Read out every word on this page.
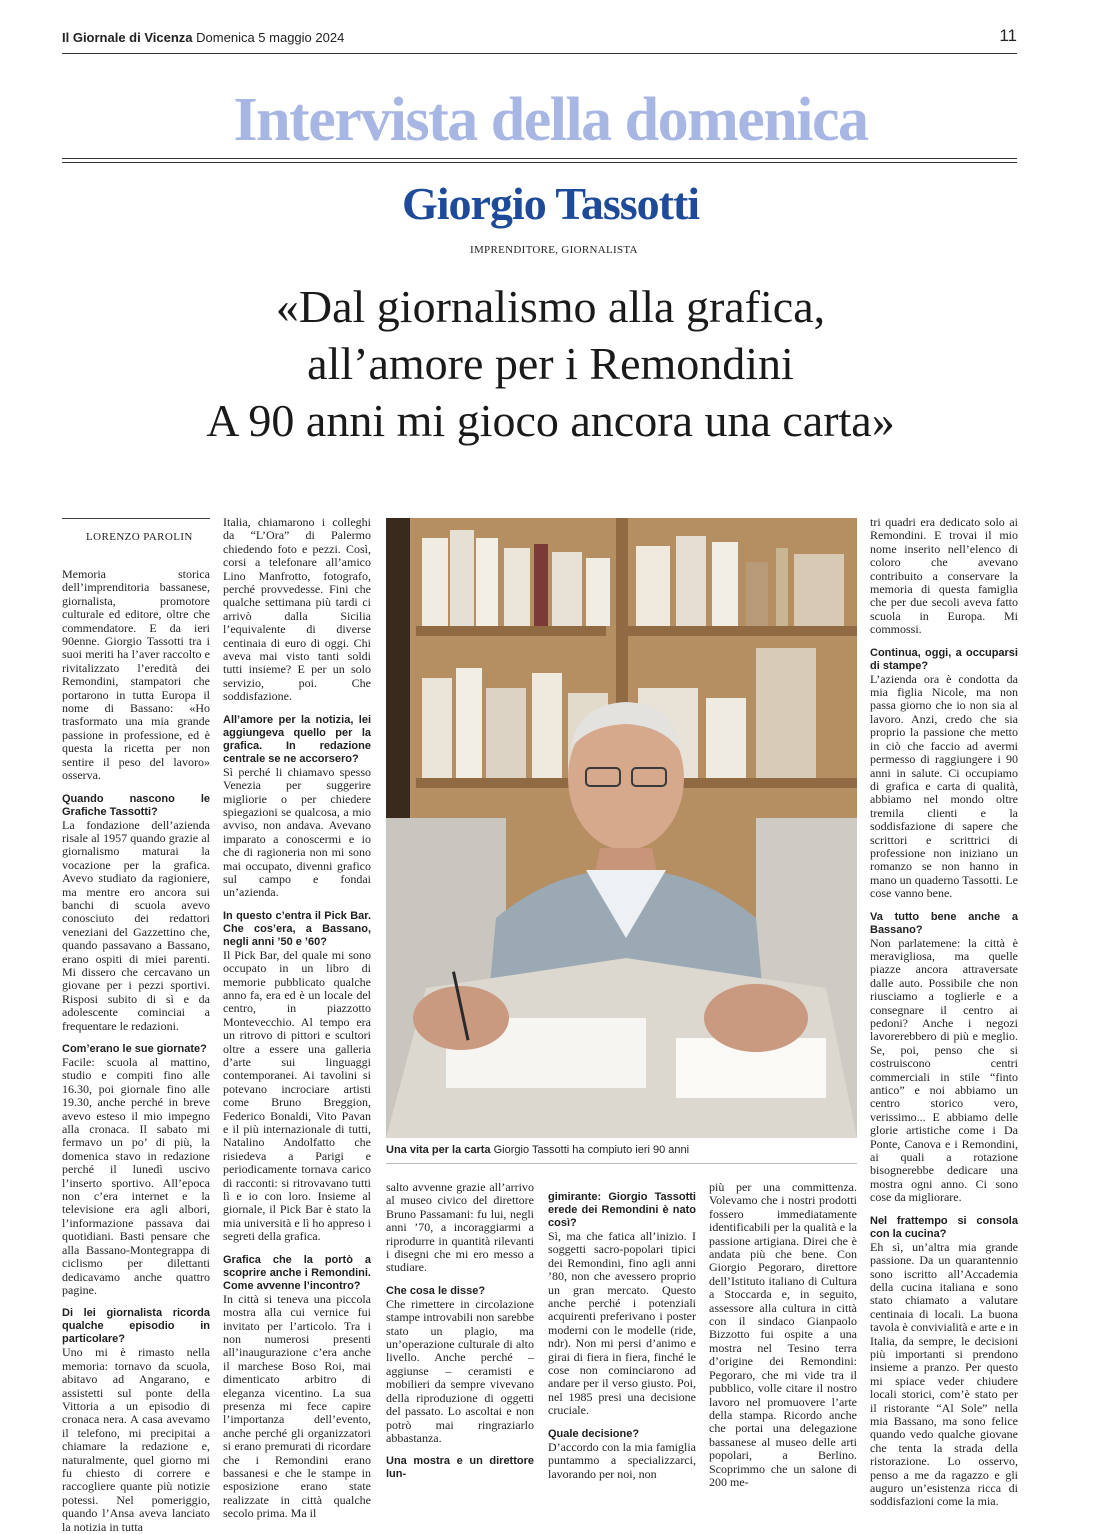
Il Giornale di Vicenza Domenica 5 maggio 2024	11
Intervista della domenica
Giorgio Tassotti
IMPRENDITORE, GIORNALISTA
«Dal giornalismo alla grafica,
all’amore per i Remondini
A 90 anni mi gioco ancora una carta»
LORENZO PAROLIN

Memoria storica dell’imprenditoria bassanese, giornalista, promotore culturale ed editore, oltre che commendatore. E da ieri 90enne. Giorgio Tassotti tra i suoi meriti ha l’aver raccolto e rivitalizzato l’eredità dei Remondini, stampatori che portarono in tutta Europa il nome di Bassano: «Ho trasformato una mia grande passione in professione, ed è questa la ricetta per non sentire il peso del lavoro» osserva.

Quando nascono le Grafiche Tassotti?

La fondazione dell’azienda risale al 1957 quando grazie al giornalismo maturai la vocazione per la grafica. Avevo studiato da ragioniere, ma mentre ero ancora sui banchi di scuola avevo conosciuto dei redattori veneziani del Gazzettino che, quando passavano a Bassano, erano ospiti di miei parenti. Mi dissero che cercavano un giovane per i pezzi sportivi. Risposi subito di sì e da adolescente cominciai a frequentare le redazioni.

Com’erano le sue giornate?

Facile: scuola al mattino, studio e compiti fino alle 16.30, poi giornale fino alle 19.30, anche perché in breve avevo esteso il mio impegno alla cronaca. Il sabato mi fermavo un po’ di più, la domenica stavo in redazione perché il lunedì uscivo l’inserto sportivo. All’epoca non c’era internet e la televisione era agli albori, l’informazione passava dai quotidiani. Basti pensare che alla Bassano-Montegrappa di ciclismo per dilettanti dedicavamo anche quattro pagine.

Di lei giornalista ricorda qualche episodio in particolare?

Uno mi è rimasto nella memoria: tornavo da scuola, abitavo ad Angarano, e assistetti sul ponte della Vittoria a un episodio di cronaca nera. A casa avevamo il telefono, mi precipitai a chiamare la redazione e, naturalmente, quel giorno mi fu chiesto di correre e raccogliere quante più notizie potessi. Nel pomeriggio, quando l’Ansa aveva lanciato la notizia in tutta

Italia, chiamarono i colleghi da “L’Ora” di Palermo chiedendo foto e pezzi. Così, corsi a telefonare all’amico Lino Manfrotto, fotografo, perché provvedesse. Fini che qualche settimana più tardi ci arrivò dalla Sicilia l’equivalente di diverse centinaia di euro di oggi. Chi aveva mai visto tanti soldi tutti insieme? E per un solo servizio, poi. Che soddisfazione.

All’amore per la notizia, lei aggiungeva quello per la grafica. In redazione centrale se ne accorsero?

Sì perché li chiamavo spesso Venezia per suggerire migliorie o per chiedere spiegazioni se qualcosa, a mio avviso, non andava. Avevano imparato a conoscermi e io che di ragioneria non mi sono mai occupato, divenni grafico sul campo e fondai un’azienda.

In questo c’entra il Pick Bar. Che cos’era, a Bassano, negli anni ’50 e ’60?

Il Pick Bar, del quale mi sono occupato in un libro di memorie pubblicato qualche anno fa, era ed è un locale del centro, in piazzotto Montevecchio. Al tempo era un ritrovo di pittori e scultori oltre a essere una galleria d’arte sui linguaggi contemporanei. Ai tavolini si potevano incrociare artisti come Bruno Breggion, Federico Bonaldi, Vito Pavan e il più internazionale di tutti, Natalino Andolfatto che risiedeva a Parigi e periodicamente tornava carico di racconti: si ritrovavano tutti lì e io con loro. Insieme al giornale, il Pick Bar è stato la mia università e lì ho appreso i segreti della grafica.

Grafica che la portò a scoprire anche i Remondini. Come avvenne l’incontro?

In città si teneva una piccola mostra alla cui vernice fui invitato per l’articolo. Tra i non numerosi presenti all’inaugurazione c’era anche il marchese Boso Roi, mai dimenticato arbitro di eleganza vicentino. La sua presenza mi fece capire l’importanza dell’evento, anche perché gli organizzatori si erano premurati di ricordare che i Remondini erano bassanesi e che le stampe in esposizione erano state realizzate in città qualche secolo prima. Ma il

Una vita per la carta Giorgio Tassotti ha compiuto ieri 90 anni

salto avvenne grazie all’arrivo al museo civico del direttore Bruno Passamani: fu lui, negli anni ’70, a incoraggiarmi a riprodurre in quantità rilevanti i disegni che mi ero messo a studiare.

Che cosa le disse?

Che rimettere in circolazione stampe introvabili non sarebbe stato un plagio, ma un’operazione culturale di alto livello. Anche perché – aggiunse – ceramisti e mobilieri da sempre vivevano della riproduzione di oggetti del passato. Lo ascoltai e non potrò mai ringraziarlo abbastanza.

Una mostra e un direttore lun-

gimirante: Giorgio Tassotti erede dei Remondini è nato così?

Sì, ma che fatica all’inizio. I soggetti sacro-popolari tipici dei Remondini, fino agli anni ’80, non che avessero proprio un gran mercato. Questo anche perché i potenziali acquirenti preferivano i poster moderni con le modelle (ride, ndr). Non mi persi d’animo e girai di fiera in fiera, finché le cose non cominciarono ad andare per il verso giusto. Poi, nel 1985 presi una decisione cruciale.

Quale decisione?

D’accordo con la mia famiglia puntammo a specializzarci, lavorando per noi, non

più per una committenza. Volevamo che i nostri prodotti fossero immediatamente identificabili per la qualità e la passione artigiana. Direi che è andata più che bene. Con Giorgio Pegoraro, direttore dell’Istituto italiano di Cultura a Stoccarda e, in seguito, assessore alla cultura in città con il sindaco Gianpaolo Bizzotto fui ospite a una mostra nel Tesino terra d’origine dei Remondini: Pegoraro, che mi vide tra il pubblico, volle citare il nostro lavoro nel promuovere l’arte della stampa. Ricordo anche che portai una delegazione bassanese al museo delle arti popolari, a Berlino. Scoprimmo che un salone di 200 me-

tri quadri era dedicato solo ai Remondini. E trovai il mio nome inserito nell’elenco di coloro che avevano contribuito a conservare la memoria di questa famiglia che per due secoli aveva fatto scuola in Europa. Mi commossi.

Continua, oggi, a occuparsi di stampe?

L’azienda ora è condotta da mia figlia Nicole, ma non passa giorno che io non sia al lavoro. Anzi, credo che sia proprio la passione che metto in ciò che faccio ad avermi permesso di raggiungere i 90 anni in salute. Ci occupiamo di grafica e carta di qualità, abbiamo nel mondo oltre tremila clienti e la soddisfazione di sapere che scrittori e scrittrici di professione non iniziano un romanzo se non hanno in mano un quaderno Tassotti. Le cose vanno bene.

Va tutto bene anche a Bassano?

Non parlatemene: la città è meravigliosa, ma quelle piazze ancora attraversate dalle auto. Possibile che non riusciamo a toglierle e a consegnare il centro ai pedoni? Anche i negozi lavorerebbero di più e meglio. Se, poi, penso che si costruiscono centri commerciali in stile “finto antico” e noi abbiamo un centro storico vero, verissimo... E abbiamo delle glorie artistiche come i Da Ponte, Canova e i Remondini, ai quali a rotazione bisognerebbe dedicare una mostra ogni anno. Ci sono cose da migliorare.

Nel frattempo si consola con la cucina?

Eh sì, un’altra mia grande passione. Da un quarantennio sono iscritto all’Accademia della cucina italiana e sono stato chiamato a valutare centinaia di locali. La buona tavola è convivialità e arte e in Italia, da sempre, le decisioni più importanti si prendono insieme a pranzo. Per questo mi spiace veder chiudere locali storici, com’è stato per il ristorante “Al Sole” nella mia Bassano, ma sono felice quando vedo qualche giovane che tenta la strada della ristorazione. Lo osservo, penso a me da ragazzo e gli auguro un’esistenza ricca di soddisfazioni come la mia.
